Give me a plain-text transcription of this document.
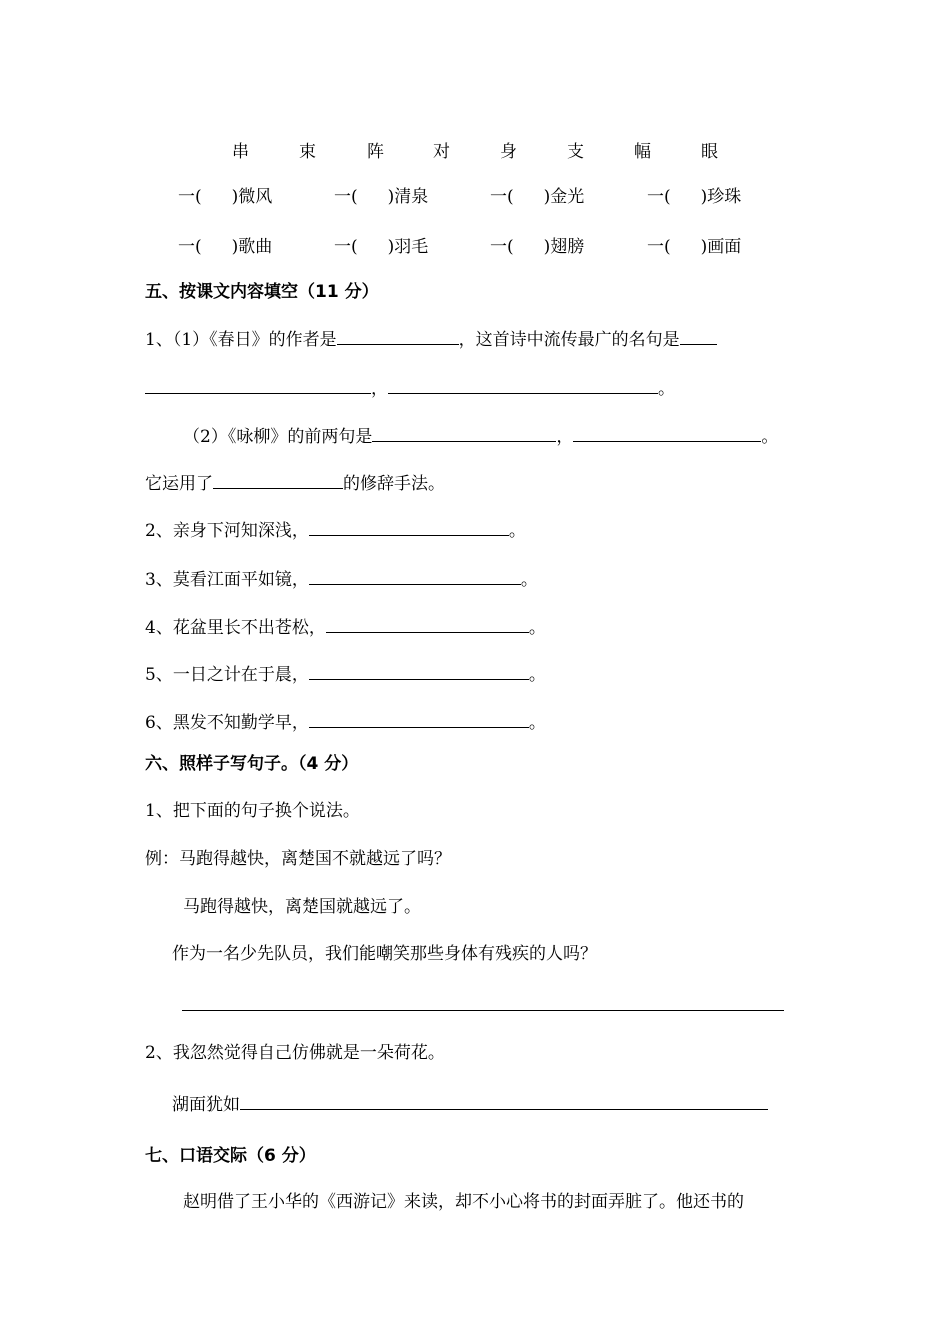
串	束	阵	对	身	支	幅	眼
一( )微风	一( )清泉	一( )金光	一( )珍珠
一( )歌曲	一( )羽毛	一( )翅膀	一( )画面
五、按课文内容填空（11 分）
1、（1）《春日》的作者是	，这首诗中流传最广的名句是
，	。
（2）《咏柳》的前两句是	，	。
它运用了	的修辞手法。
2、亲身下河知深浅，	。
3、莫看江面平如镜，	。
4、花盆里长不出苍松，	。
5、一日之计在于晨，	。
6、黑发不知勤学早，	。
六、照样子写句子。（4 分）
1、把下面的句子换个说法。
例：马跑得越快，离楚国不就越远了吗？
马跑得越快，离楚国就越远了。
作为一名少先队员，我们能嘲笑那些身体有残疾的人吗？
2、我忽然觉得自己仿佛就是一朵荷花。
湖面犹如
七、口语交际（6 分）
赵明借了王小华的《西游记》来读，却不小心将书的封面弄脏了。他还书的
